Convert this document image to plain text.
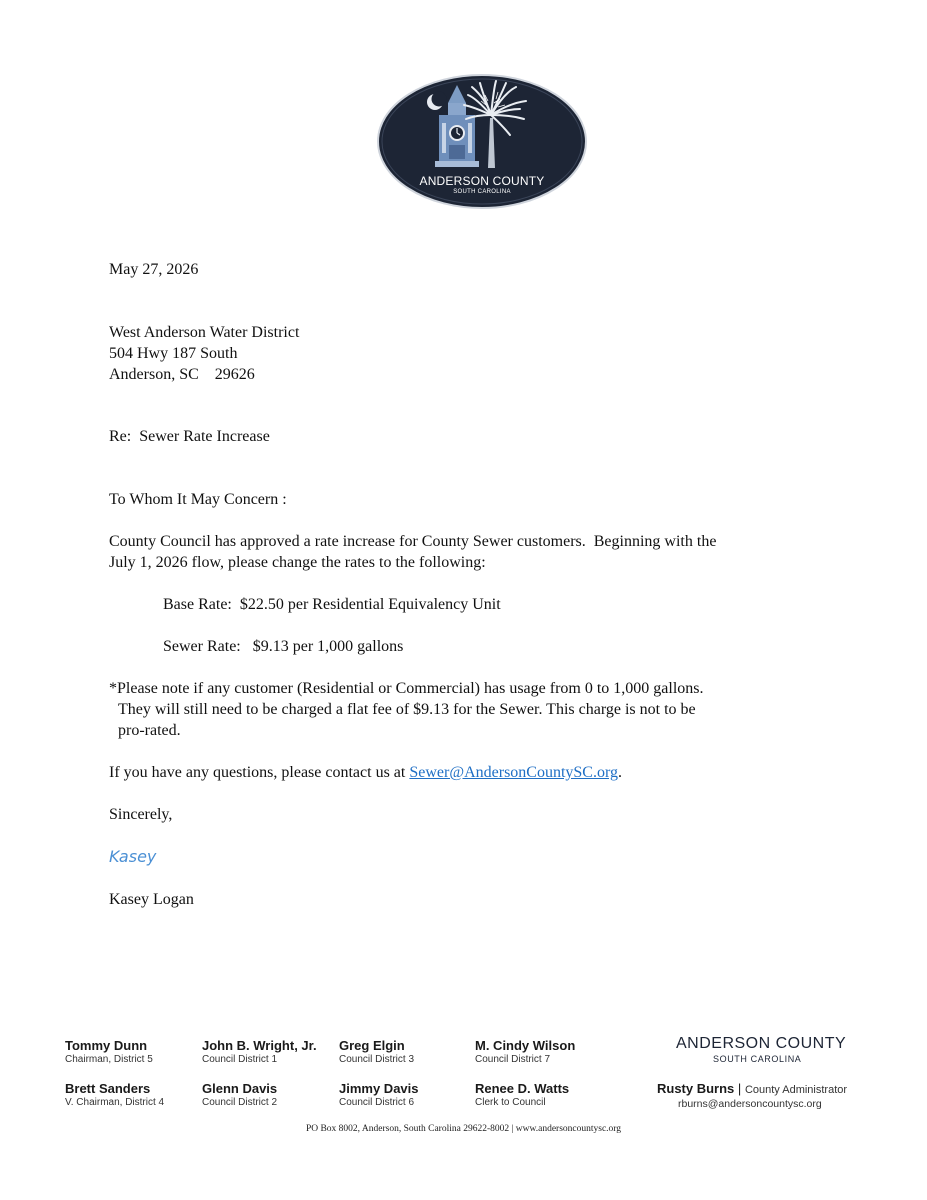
ANDERSON COUNTY
SOUTH CAROLINA
May 27, 2026
West Anderson Water District
504 Hwy 187 South
Anderson, SC    29626
Re:  Sewer Rate Increase
To Whom It May Concern :
County Council has approved a rate increase for County Sewer customers.  Beginning with the
July 1, 2026 flow, please change the rates to the following:
Base Rate:  $22.50 per Residential Equivalency Unit
Sewer Rate:   $9.13 per 1,000 gallons
*Please note if any customer (Residential or Commercial) has usage from 0 to 1,000 gallons.
They will still need to be charged a flat fee of $9.13 for the Sewer. This charge is not to be
pro-rated.
If you have any questions, please contact us at Sewer@AndersonCountySC.org.
Sincerely,
Kasey
Kasey Logan
Tommy Dunn
Chairman, District 5
John B. Wright, Jr.
Council District 1
Greg Elgin
Council District 3
M. Cindy Wilson
Council District 7
Brett Sanders
V. Chairman, District 4
Glenn Davis
Council District 2
Jimmy Davis
Council District 6
Renee D. Watts
Clerk to Council
ANDERSON COUNTY
SOUTH CAROLINA
Rusty Burns | County Administrator
rburns@andersoncountysc.org
PO Box 8002, Anderson, South Carolina 29622-8002 | www.andersoncountysc.org
